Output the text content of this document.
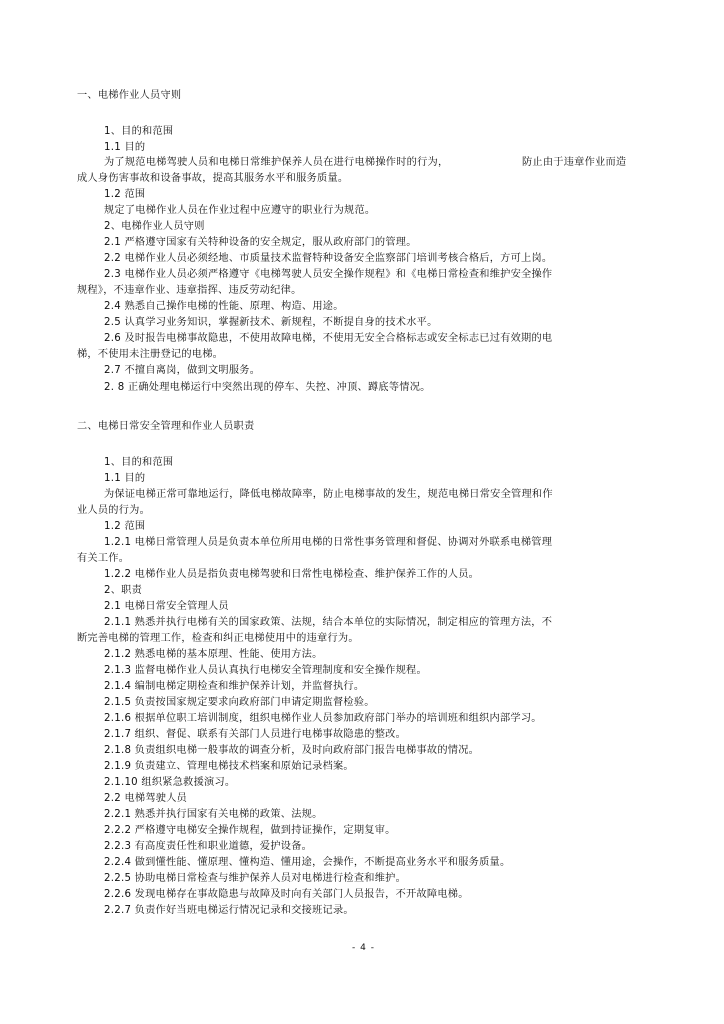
一、电梯作业人员守则

1、目的和范围

1.1 目的

为了规范电梯驾驶人员和电梯日常维护保养人员在进行电梯操作时的行为，	防止由于违章作业而造

成人身伤害事故和设备事故，提高其服务水平和服务质量。

1.2 范围

规定了电梯作业人员在作业过程中应遵守的职业行为规范。

2、电梯作业人员守则

2.1 严格遵守国家有关特种设备的安全规定，服从政府部门的管理。

2.2 电梯作业人员必须经地、市质量技术监督特种设备安全监察部门培训考核合格后，方可上岗。

2.3 电梯作业人员必须严格遵守《电梯驾驶人员安全操作规程》和《电梯日常检查和维护安全操作

规程》，不违章作业、违章指挥、违反劳动纪律。

2.4 熟悉自己操作电梯的性能、原理、构造、用途。

2.5 认真学习业务知识，掌握新技术、新规程，不断提自身的技术水平。

2.6 及时报告电梯事故隐患，不使用故障电梯，不使用无安全合格标志或安全标志已过有效期的电

梯，不使用未注册登记的电梯。

2.7 不擅自离岗，做到文明服务。

2. 8 正确处理电梯运行中突然出现的停车、失控、冲顶、蹲底等情况。

二、电梯日常安全管理和作业人员职责

1、目的和范围

1.1 目的

为保证电梯正常可靠地运行，降低电梯故障率，防止电梯事故的发生，规范电梯日常安全管理和作

业人员的行为。

1.2 范围

1.2.1 电梯日常管理人员是负责本单位所用电梯的日常性事务管理和督促、协调对外联系电梯管理

有关工作。

1.2.2 电梯作业人员是指负责电梯驾驶和日常性电梯检查、维护保养工作的人员。

2、职责

2.1 电梯日常安全管理人员

2.1.1 熟悉并执行电梯有关的国家政策、法规，结合本单位的实际情况，制定相应的管理方法，不

断完善电梯的管理工作，检查和纠正电梯使用中的违章行为。

2.1.2 熟悉电梯的基本原理、性能、使用方法。

2.1.3 监督电梯作业人员认真执行电梯安全管理制度和安全操作规程。

2.1.4 编制电梯定期检查和维护保养计划，并监督执行。

2.1.5 负责按国家规定要求向政府部门申请定期监督检验。

2.1.6 根据单位职工培训制度，组织电梯作业人员参加政府部门举办的培训班和组织内部学习。

2.1.7 组织、督促、联系有关部门人员进行电梯事故隐患的整改。

2.1.8 负责组织电梯一般事故的调查分析，及时向政府部门报告电梯事故的情况。

2.1.9 负责建立、管理电梯技术档案和原始记录档案。

2.1.10 组织紧急救援演习。

2.2 电梯驾驶人员

2.2.1 熟悉并执行国家有关电梯的政策、法规。

2.2.2 严格遵守电梯安全操作规程，做到持证操作，定期复审。

2.2.3 有高度责任性和职业道德，爱护设备。

2.2.4 做到懂性能、懂原理、懂构造、懂用途，会操作，不断提高业务水平和服务质量。

2.2.5 协助电梯日常检查与维护保养人员对电梯进行检查和维护。

2.2.6 发现电梯存在事故隐患与故障及时向有关部门人员报告，不开故障电梯。

2.2.7 负责作好当班电梯运行情况记录和交接班记录。

- 4 -
